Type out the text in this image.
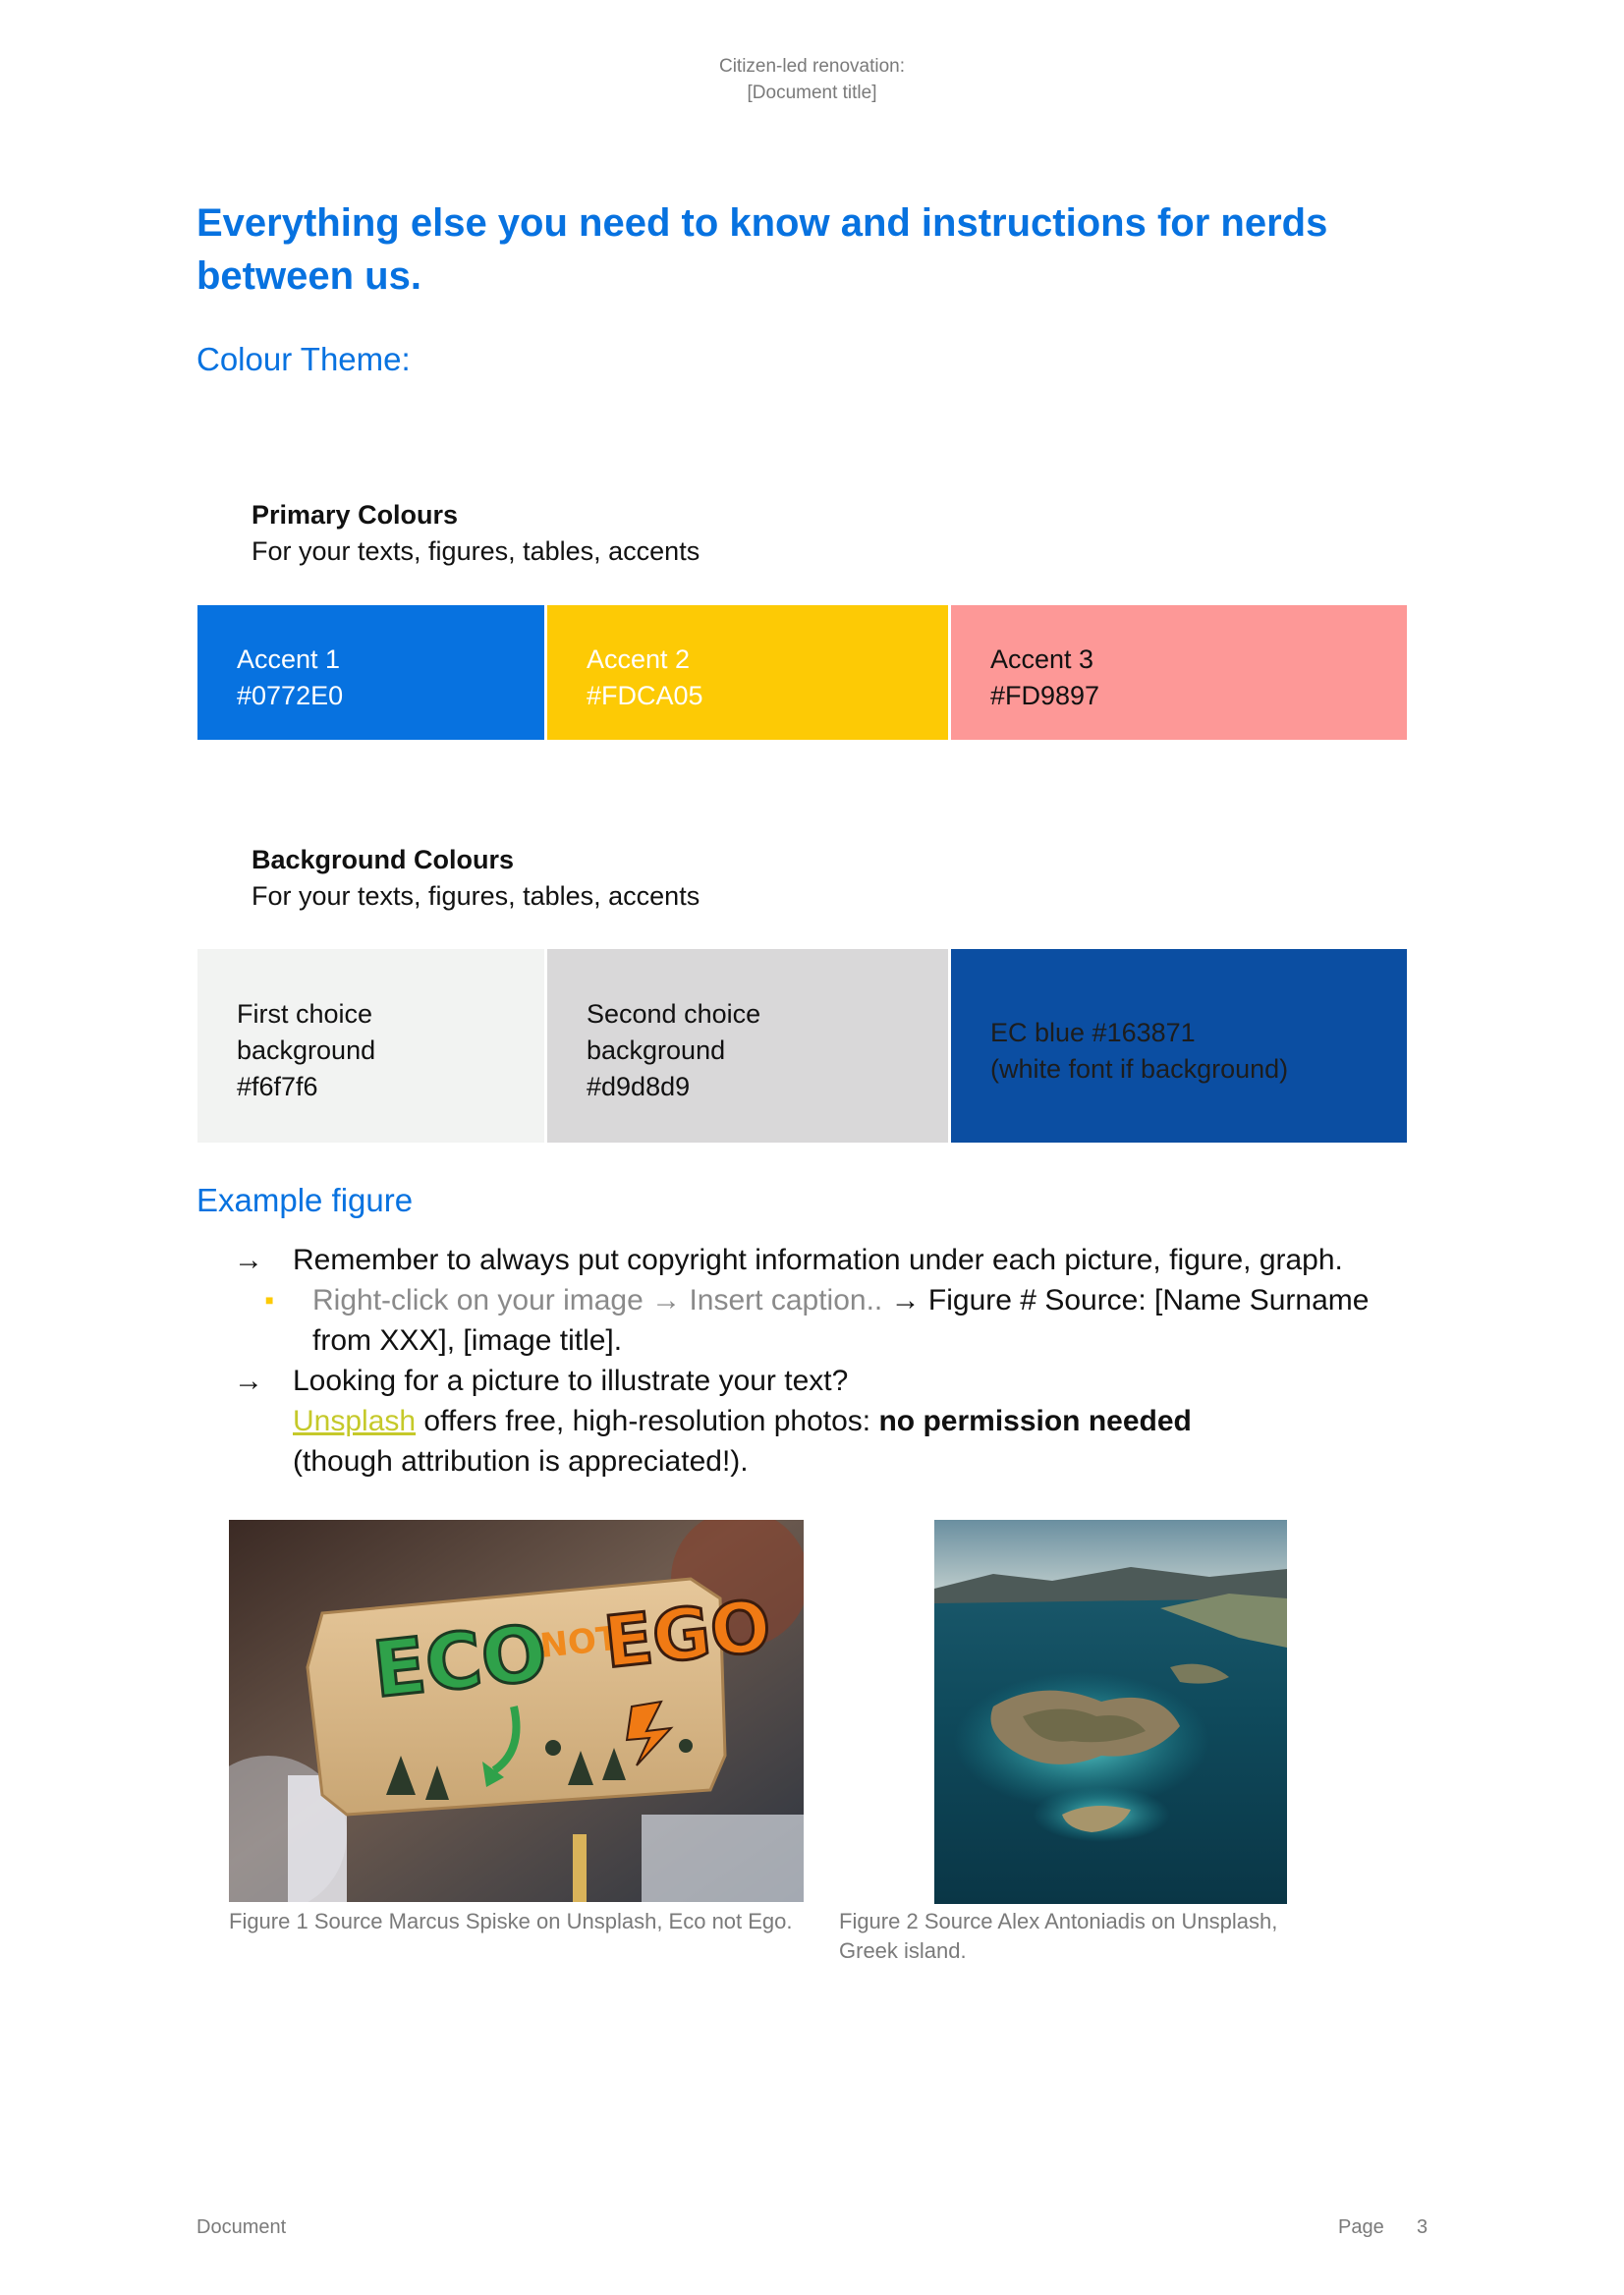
Citizen-led renovation:
[Document title]
Everything else you need to know and instructions for nerds between us.
Colour Theme:
Primary Colours
For your texts, figures, tables, accents
Accent 1
#0772E0
Accent 2
#FDCA05
Accent 3
#FD9897
Background Colours
For your texts, figures, tables, accents
First choice
background
#f6f7f6
Second choice
background
#d9d8d9
EC blue #163871
(white font if background)
Example figure
→ Remember to always put copyright information under each picture, figure, graph.
■ Right-click on your image → Insert caption.. → Figure # Source: [Name Surname
from XXX], [image title].
→ Looking for a picture to illustrate your text?
Unsplash offers free, high-resolution photos: no permission needed
(though attribution is appreciated!).
ECO
NOT
EGO
Figure 1 Source Marcus Spiske on Unsplash, Eco not Ego. Figure 2 Source Alex Antoniadis on Unsplash,
Greek island.
Document	Page 3
